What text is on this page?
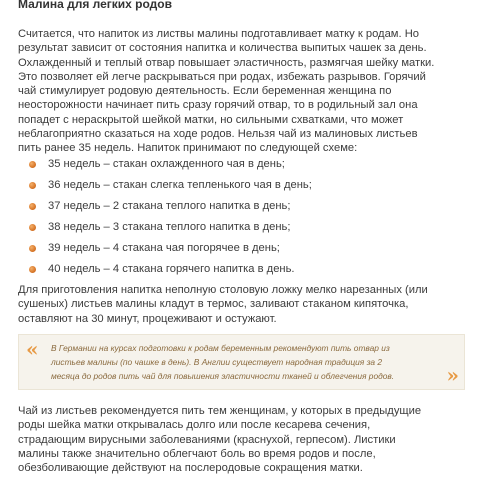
Малина для легких родов
Считается, что напиток из листвы малины подготавливает матку к родам. Но
результат зависит от состояния напитка и количества выпитых чашек за день.
Охлажденный и теплый отвар повышает эластичность, размягчая шейку матки.
Это позволяет ей легче раскрываться при родах, избежать разрывов. Горячий
чай стимулирует родовую деятельность. Если беременная женщина по
неосторожности начинает пить сразу горячий отвар, то в родильный зал она
попадет с нераскрытой шейкой матки, но сильными схватками, что может
неблагоприятно сказаться на ходе родов. Нельзя чай из малиновых листьев
пить ранее 35 недель. Напиток принимают по следующей схеме:
35 недель – стакан охлажденного чая в день;
36 недель – стакан слегка тепленького чая в день;
37 недель – 2 стакана теплого напитка в день;
38 недель – 3 стакана теплого напитка в день;
39 недель – 4 стакана чая погорячее в день;
40 недель – 4 стакана горячего напитка в день.
Для приготовления напитка неполную столовую ложку мелко нарезанных (или
сушеных) листьев малины кладут в термос, заливают стаканом кипяточка,
оставляют на 30 минут, процеживают и остужают.
« В Германии на курсах подготовки к родам беременным рекомендуют пить отвар из
листьев малины (по чашке в день). В Англии существует народная традиция за 2
месяца до родов пить чай для повышения эластичности тканей и облегчения родов.	»
Чай из листьев рекомендуется пить тем женщинам, у которых в предыдущие
роды шейка матки открывалась долго или после кесарева сечения,
страдающим вирусными заболеваниями (краснухой, герпесом). Листики
малины также значительно облегчают боль во время родов и после,
обезболивающие действуют на послеродовые сокращения матки.
